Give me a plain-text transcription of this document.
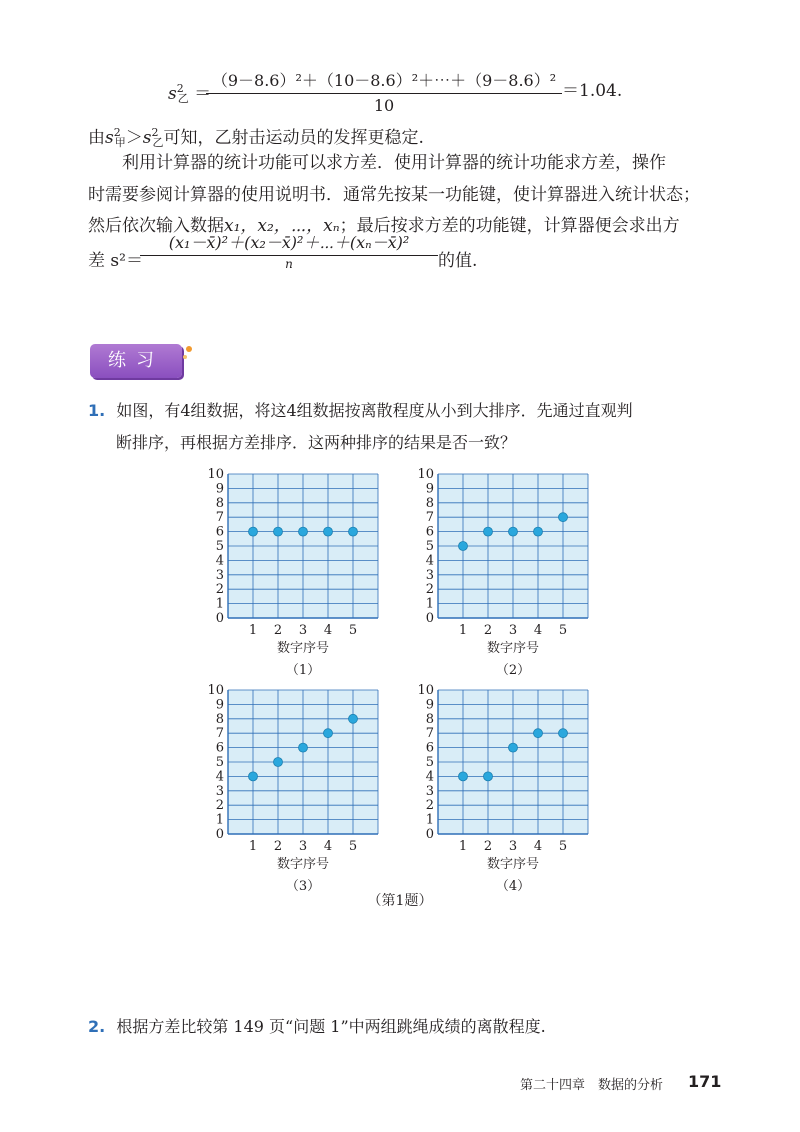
$s^2_乙$ ＝
（9－8.6）²＋（10－8.6）²＋⋯＋（9－8.6）²
10
＝1.04.
由$s^2_甲>s^2_乙$可知，乙射击运动员的发挥更稳定.
利用计算器的统计功能可以求方差．使用计算器的统计功能求方差，操作
时需要参阅计算器的使用说明书．通常先按某一功能键，使计算器进入统计状态；
然后依次输入数据x₁，x₂，⋯，xₙ；最后按求方差的功能键，计算器便会求出方
差 s²＝
(x₁－x̄)²＋(x₂－x̄)²＋⋯＋(xₙ－x̄)²
n	的值.
练习
1. 如图，有4组数据，将这4组数据按离散程度从小到大排序．先通过直观判
断排序，再根据方差排序．这两种排序的结果是否一致？
0
1
2
3
4
5
6
7
8
9
10
1 2 3 4 5
数字序号
（1）
0
1
2
3
4
5
6
7
8
9
10
1 2 3 4 5
数字序号
（2）
0
1
2
3
4
5
6
7
8
9
10
1 2 3 4 5
数字序号
（3）
0
1
2
3
4
5
6
7
8
9
10
1 2 3 4 5
数字序号
（4）
（第1题）
2. 根据方差比较第 149 页“问题 1”中两组跳绳成绩的离散程度.
第二十四章　数据的分析 171
